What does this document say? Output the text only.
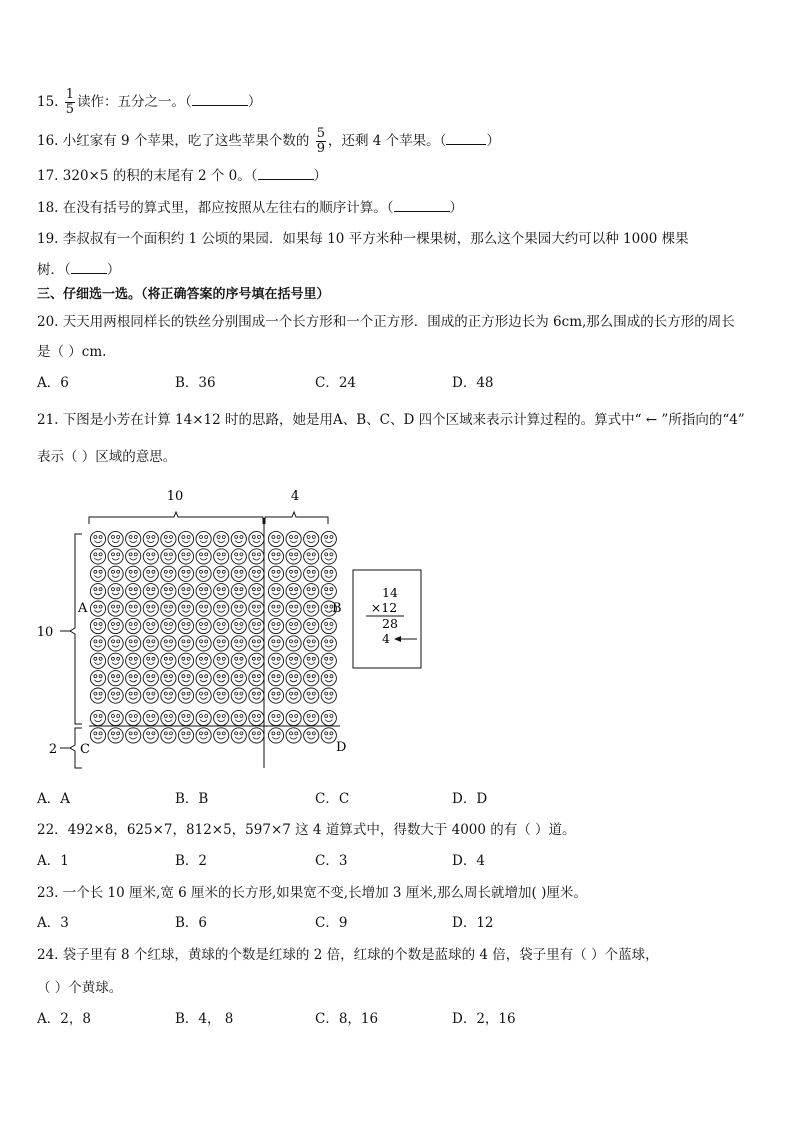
15. $\frac{1}{5}$ 读作：五分之一。（	）
16. 小红家有 9 个苹果，吃了这些苹果个数的 $\frac{5}{9}$ ，还剩 4 个苹果。（	）
17. 320×5 的积的末尾有 2 个 0。（	）
18. 在没有括号的算式里，都应按照从左往右的顺序计算。（	）
19. 李叔叔有一个面积约 1 公顷的果园．如果每 10 平方米种一棵果树，那么这个果园大约可以种 1000 棵果
树．（	）
三、仔细选一选。（将正确答案的序号填在括号里）
20. 天天用两根同样长的铁丝分别围成一个长方形和一个正方形．围成的正方形边长为 6cm,那么围成的长方形的周长
是（ ）cm.
A．6	B．36	C．24	D．48
21. 下图是小芳在计算 14×12 时的思路，她是用A、B、C、D 四个区域来表示计算过程的。算式中“ ← ”所指向的“4”
表示（ ）区域的意思。
10	4
10
2
A	B
C	D
14
×12
28
4
A．A	B．B	C．C	D．D
22．492×8，625×7，812×5，597×7 这 4 道算式中，得数大于 4000 的有（ ）道。
A．1	B．2	C．3	D．4
23. 一个长 10 厘米,宽 6 厘米的长方形,如果宽不变,长增加 3 厘米,那么周长就增加( )厘米。
A．3	B．6	C．9	D．12
24. 袋子里有 8 个红球，黄球的个数是红球的 2 倍，红球的个数是蓝球的 4 倍，袋子里有（ ）个蓝球，
（ ）个黄球。
A．2，8	B．4， 8	C．8，16	D．2，16
